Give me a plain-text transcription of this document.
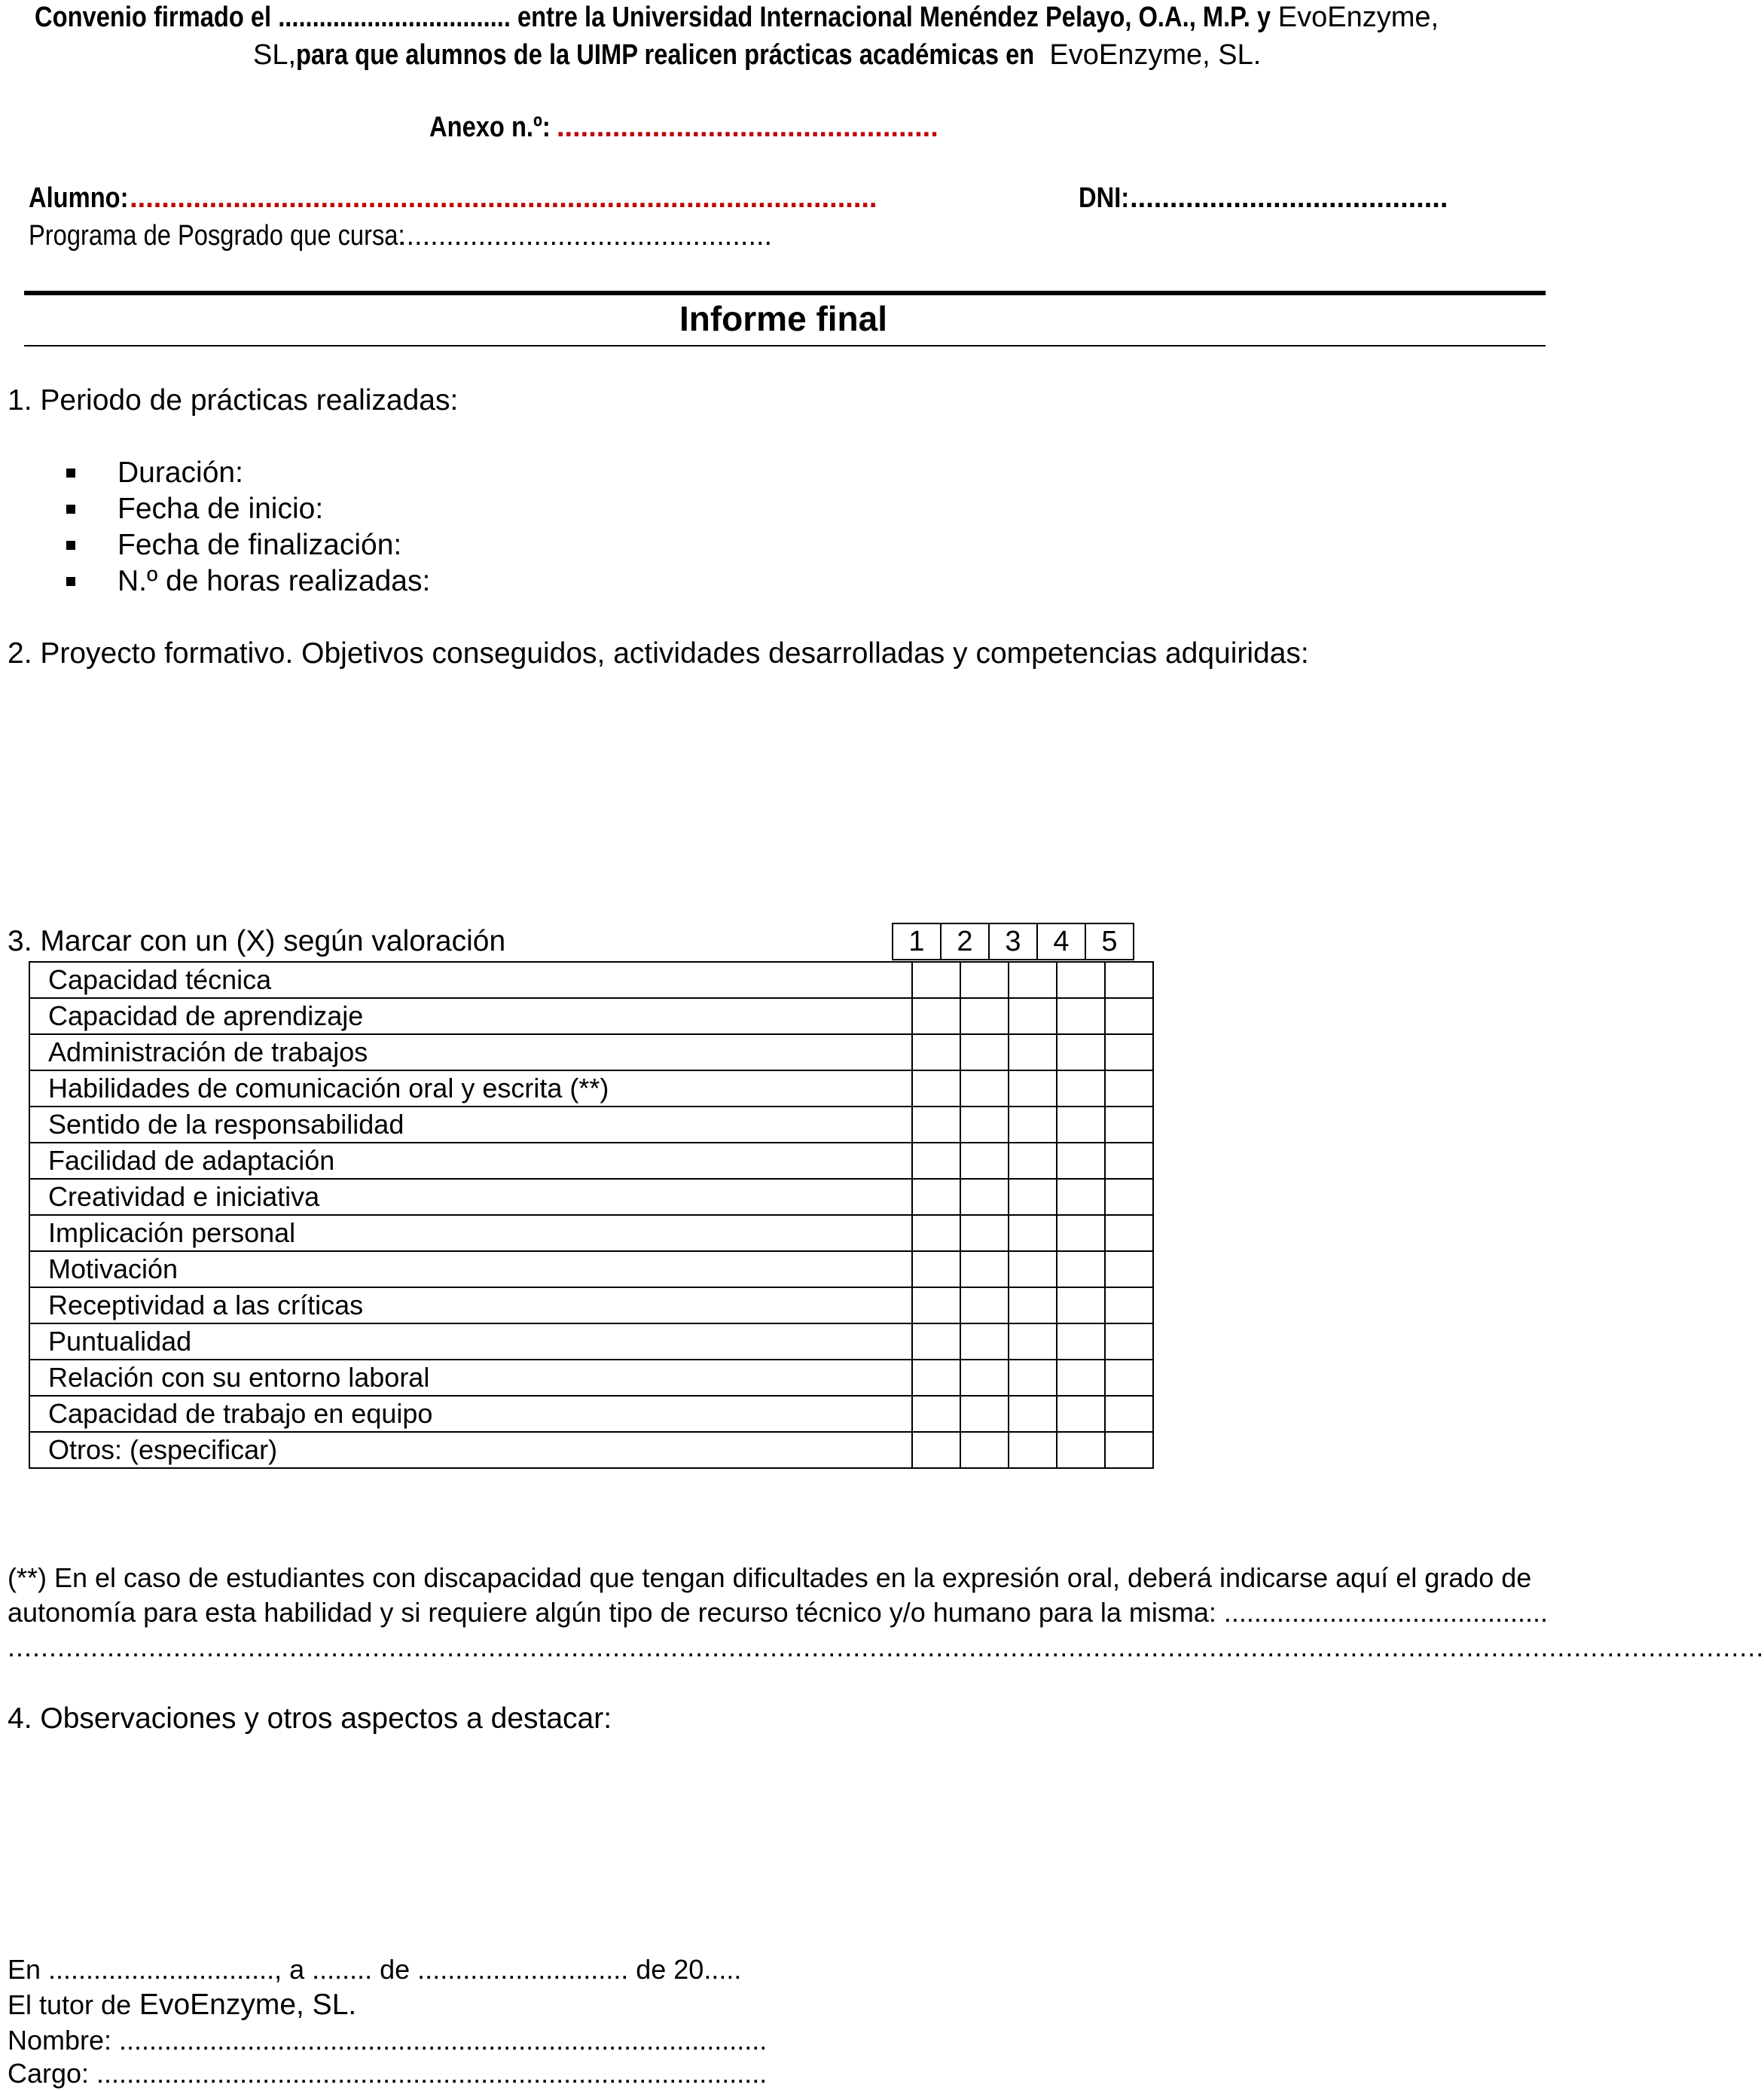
Convenio firmado el .................................. entre la Universidad Internacional Menéndez Pelayo, O.A., M.P. y EvoEnzyme,
SL,para que alumnos de la UIMP realicen prácticas académicas en EvoEnzyme, SL.
Anexo n.º: ................................................
Alumno:..............................................................................................	DNI:........................................
Programa de Posgrado que cursa:...............................................
Informe final
1. Periodo de prácticas realizadas:
Duración:
Fecha de inicio:
Fecha de finalización:
N.º de horas realizadas:
2. Proyecto formativo. Objetivos conseguidos, actividades desarrolladas y competencias adquiridas:
3. Marcar con un (X) según valoración	1	2	3	4	5
Capacidad técnica					
Capacidad de aprendizaje					
Administración de trabajos					
Habilidades de comunicación oral y escrita (**)					
Sentido de la responsabilidad					
Facilidad de adaptación					
Creatividad e iniciativa					
Implicación personal					
Motivación					
Receptividad a las críticas					
Puntualidad					
Relación con su entorno laboral					
Capacidad de trabajo en equipo					
Otros: (especificar)					
(**) En el caso de estudiantes con discapacidad que tengan dificultades en la expresión oral, deberá indicarse aquí el grado de
autonomía para esta habilidad y si requiere algún tipo de recurso técnico y/o humano para la misma: ...........................................
....................................................................................................................................................................................................................
4. Observaciones y otros aspectos a destacar:
En .............................., a ........ de ............................ de 20.....
El tutor de EvoEnzyme, SL.
Nombre: ......................................................................................
Cargo: .........................................................................................
